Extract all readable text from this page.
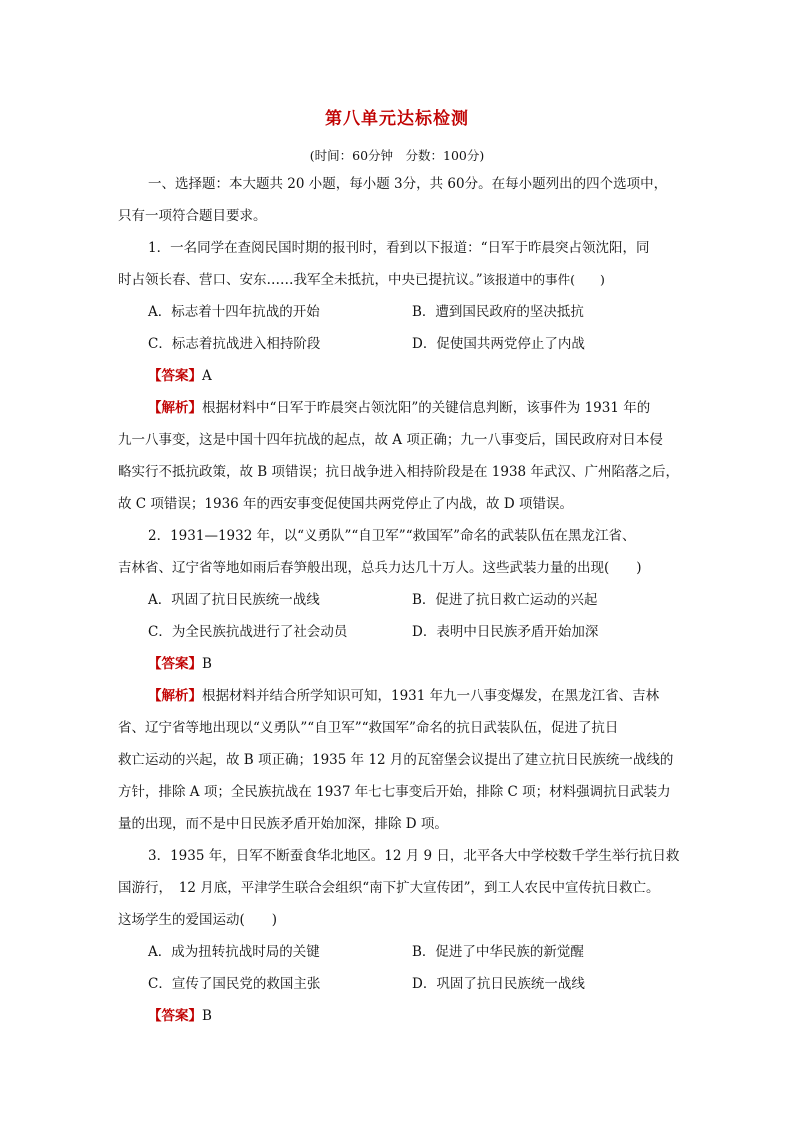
第八单元达标检测
(时间：60分钟　分数：100分)
一、选择题：本大题共 20 小题，每小题 3分，共 60分。在每小题列出的四个选项中，
只有一项符合题目要求。
1．一名同学在查阅民国时期的报刊时，看到以下报道：“日军于昨晨突占领沈阳，同
时占领长春、营口、安东……我军全未抵抗，中央已提抗议。”该报道中的事件(　　)
A．标志着十四年抗战的开始	B．遭到国民政府的坚决抵抗
C．标志着抗战进入相持阶段	D．促使国共两党停止了内战
【答案】A
【解析】根据材料中“日军于昨晨突占领沈阳”的关键信息判断，该事件为 1931 年的
九一八事变，这是中国十四年抗战的起点，故 A 项正确；九一八事变后，国民政府对日本侵
略实行不抵抗政策，故 B 项错误；抗日战争进入相持阶段是在 1938 年武汉、广州陷落之后，
故 C 项错误；1936 年的西安事变促使国共两党停止了内战，故 D 项错误。
2．1931—1932 年，以“义勇队”“自卫军”“救国军”命名的武装队伍在黑龙江省、
吉林省、辽宁省等地如雨后春笋般出现，总兵力达几十万人。这些武装力量的出现(　　)
A．巩固了抗日民族统一战线	B．促进了抗日救亡运动的兴起
C．为全民族抗战进行了社会动员	D．表明中日民族矛盾开始加深
【答案】B
【解析】根据材料并结合所学知识可知，1931 年九一八事变爆发，在黑龙江省、吉林
省、辽宁省等地出现以“义勇队”“自卫军”“救国军”命名的抗日武装队伍，促进了抗日
救亡运动的兴起，故 B 项正确；1935 年 12 月的瓦窑堡会议提出了建立抗日民族统一战线的
方针，排除 A 项；全民族抗战在 1937 年七七事变后开始，排除 C 项；材料强调抗日武装力
量的出现，而不是中日民族矛盾开始加深，排除 D 项。
3．1935 年，日军不断蚕食华北地区。12 月 9 日，北平各大中学校数千学生举行抗日救
国游行，　12 月底，平津学生联合会组织“南下扩大宣传团”，到工人农民中宣传抗日救亡。
这场学生的爱国运动(　　)
A．成为扭转抗战时局的关键	B．促进了中华民族的新觉醒
C．宣传了国民党的救国主张	D．巩固了抗日民族统一战线
【答案】B
